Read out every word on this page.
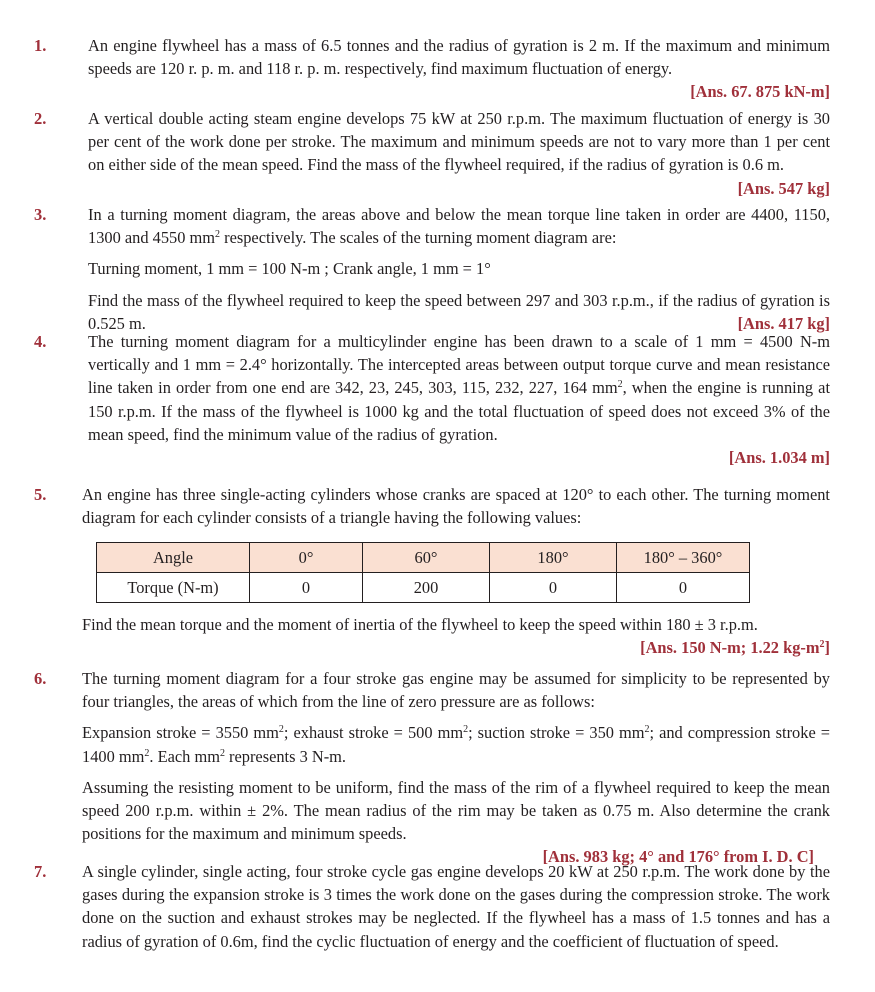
1.	An engine flywheel has a mass of 6.5 tonnes and the radius of gyration is 2 m. If the maximum and minimum speeds are 120 r. p. m. and 118 r. p. m. respectively, find maximum fluctuation of energy.

[Ans. 67. 875 kN-m]
2.	A vertical double acting steam engine develops 75 kW at 250 r.p.m. The maximum fluctuation of energy is 30 per cent of the work done per stroke. The maximum and minimum speeds are not to vary more than 1 per cent on either side of the mean speed. Find the mass of the flywheel required, if the radius of gyration is 0.6 m.
[Ans. 547 kg]

3.	In a turning moment diagram, the areas above and below the mean torque line taken in order are 4400, 1150, 1300 and 4550 $mm^2$ respectively. The scales of the turning moment diagram are:

Turning moment, 1 mm = 100 N-m ; Crank angle, 1 mm = 1°

Find the mass of the flywheel required to keep the speed between 297 and 303 r.p.m., if the radius of gyration is 0.525 m.	[Ans. 417 kg]

4.	The turning moment diagram for a multicylinder engine has been drawn to a scale of 1 mm = 4500 N-m vertically and 1 mm = 2.4° horizontally. The intercepted areas between output torque curve and mean resistance line taken in order from one end are 342, 23, 245, 303, 115, 232, 227, 164 $mm^2$, when the engine is running at 150 r.p.m. If the mass of the flywheel is 1000 kg and the total fluctuation of speed does not exceed 3% of the mean speed, find the minimum value of the radius of gyration.

[Ans. 1.034 m]
5. An engine has three single-acting cylinders whose cranks are spaced at 120° to each other. The turning moment diagram for each cylinder consists of a triangle having the following values:

Angle	0°	60°	180°	180° – 360°
Torque (N-m)	0	200	0	0

Find the mean torque and the moment of inertia of the flywheel to keep the speed within 180 ± 3 r.p.m.

[Ans. 150 N-m; 1.22 $kg-m^2$]
6. The turning moment diagram for a four stroke gas engine may be assumed for simplicity to be represented by four triangles, the areas of which from the line of zero pressure are as follows:

Expansion stroke = 3550 $mm^2$; exhaust stroke = 500 $mm^2$; suction stroke = 350 $mm^2$; and compression stroke = 1400 $mm^2$. Each $mm^2$ represents 3 N-m.

Assuming the resisting moment to be uniform, find the mass of the rim of a flywheel required to keep the mean speed 200 r.p.m. within ± 2%. The mean radius of the rim may be taken as 0.75 m. Also determine the crank positions for the maximum and minimum speeds.

[Ans. 983 kg; 4° and 176° from I. D. C]
7. A single cylinder, single acting, four stroke cycle gas engine develops 20 kW at 250 r.p.m. The work done by the gases during the expansion stroke is 3 times the work done on the gases during the compression stroke. The work done on the suction and exhaust strokes may be neglected. If the flywheel has a mass of 1.5 tonnes and has a radius of gyration of 0.6m, find the cyclic fluctuation of energy and the coefficient of fluctuation of speed.
